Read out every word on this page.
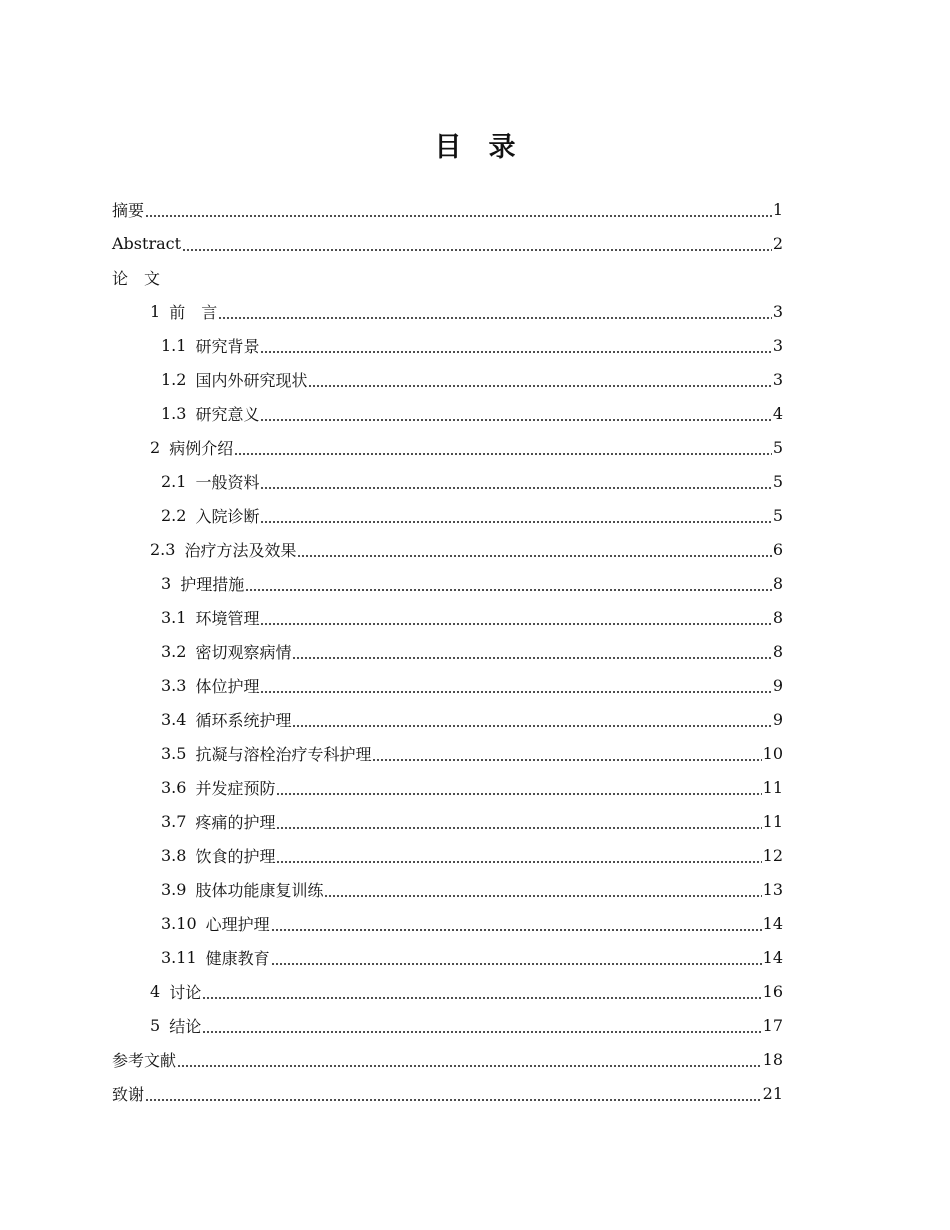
目　录
摘要	1
Abstract	2
论　文
1 前　言	3
1.1 研究背景	3
1.2 国内外研究现状	3
1.3 研究意义	4
2 病例介绍	5
2.1 一般资料	5
2.2 入院诊断	5
2.3 治疗方法及效果	6
3 护理措施	8
3.1 环境管理	8
3.2 密切观察病情	8
3.3 体位护理	9
3.4 循环系统护理	9
3.5 抗凝与溶栓治疗专科护理	10
3.6 并发症预防	11
3.7 疼痛的护理	11
3.8 饮食的护理	12
3.9 肢体功能康复训练	13
3.10 心理护理	14
3.11 健康教育	14
4 讨论	16
5 结论	17
参考文献	18
致谢	21
